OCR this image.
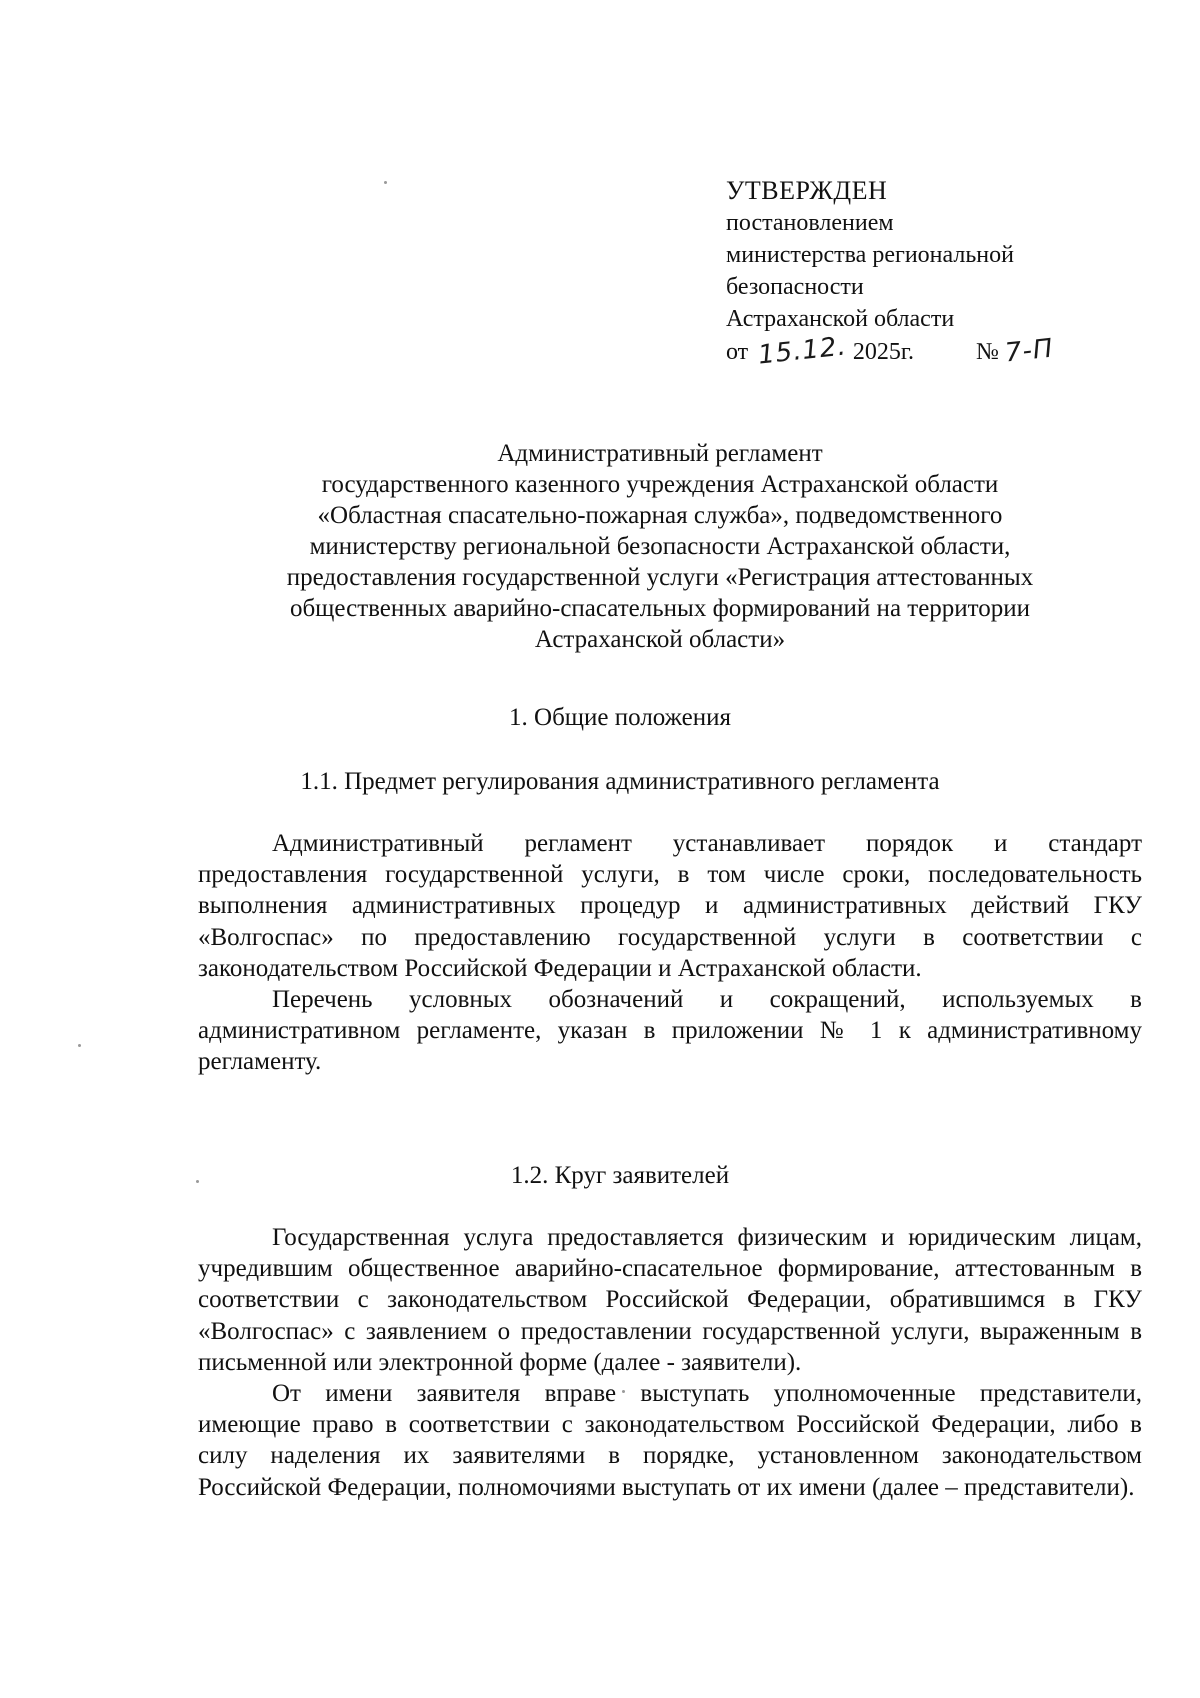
УТВЕРЖДЕН
постановлением
министерства региональной
безопасности
Астраханской области
от 15.12. 2025г.	№ 7-П
Административный регламент
государственного казенного учреждения Астраханской области
«Областная спасательно-пожарная служба», подведомственного
министерству региональной безопасности Астраханской области,
предоставления государственной услуги «Регистрация аттестованных
общественных аварийно-спасательных формирований на территории
Астраханской области»
1. Общие положения
1.1. Предмет регулирования административного регламента

Административный регламент устанавливает порядок и стандарт предоставления государственной услуги, в том числе сроки, последовательность выполнения административных процедур и административных действий ГКУ «Волгоспас» по предоставлению государственной услуги в соответствии с законодательством Российской Федерации и Астраханской области.

Перечень условных обозначений и сокращений, используемых в административном регламенте, указан в приложении № 1 к административному регламенту.

1.2. Круг заявителей

Государственная услуга предоставляется физическим и юридическим лицам, учредившим общественное аварийно-спасательное формирование, аттестованным в соответствии с законодательством Российской Федерации, обратившимся в ГКУ «Волгоспас» с заявлением о предоставлении государственной услуги, выраженным в письменной или электронной форме (далее - заявители).

От имени заявителя вправе выступать уполномоченные представители, имеющие право в соответствии с законодательством Российской Федерации, либо в силу наделения их заявителями в порядке, установленном законодательством Российской Федерации, полномочиями выступать от их имени (далее – представители).
